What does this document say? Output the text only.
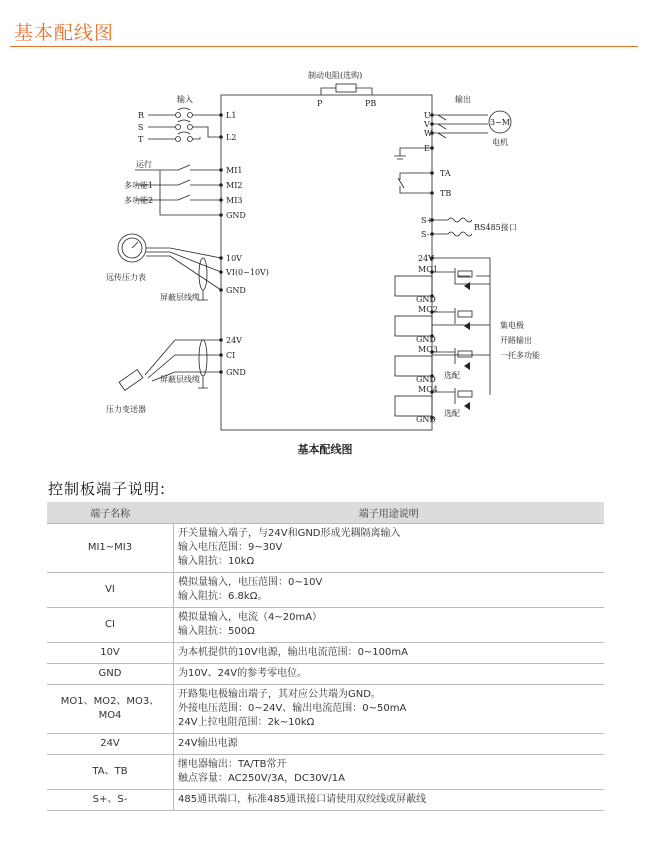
基本配线图
制动电阻(选购)
P	PB
输入	输出
R
S
T
L1
L2
U
V
W
E
3~M
电机
运行
多功能1
多功能2
MI1
MI2
MI3
GND
TA
TB
S+
S-
RS485接口
10V
VI(0~10V)
GND
远传压力表
屏蔽层线缆
24V
CI
GND
屏蔽层线缆
压力变送器
24V
MO1
GND
MO2
GND
MO3
GND
MO4
GND
选配
选配
集电极
开路输出
一托多功能
基本配线图
控制板端子说明:
端子名称	端子用途说明
MI1~MI3	开关量输入端子，与24V和GND形成光耦隔离输入
输入电压范围：9~30V
输入阻抗：10kΩ

VI	模拟量输入，电压范围：0~10V
输入阻抗：6.8kΩ。

CI	模拟量输入，电流（4~20mA）
输入阻抗：500Ω

10V	为本机提供的10V电源，输出电流范围：0~100mA

GND	为10V、24V的参考零电位。

MO1、MO2、MO3、MO4	开路集电极输出端子，其对应公共端为GND。
外接电压范围：0~24V、输出电流范围：0~50mA
24V上拉电阻范围：2k~10kΩ

24V	24V输出电源

TA、TB	继电器输出：TA/TB常开
触点容量：AC250V/3A，DC30V/1A

S+、S-	485通讯端口，标准485通讯接口请使用双绞线或屏蔽线
